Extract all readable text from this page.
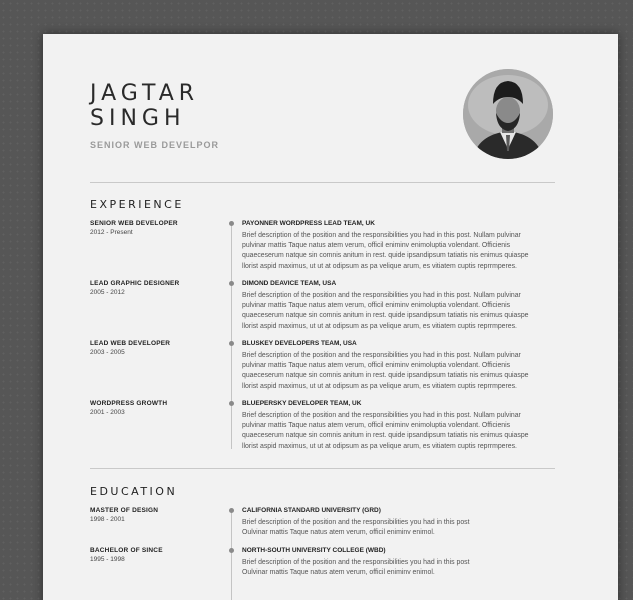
JAGTAR
SINGH
SENIOR WEB DEVELPOR
EXPERIENCE
SENIOR WEB DEVELOPER
2012 - Present
PAYONNER WORDPRESS LEAD TEAM, UK
Brief description of the position and the responsibilities you had in this post. Nullam pulvinar
pulvinar mattis Taque natus atem verum, officil eniminv enimoluptia volendant. Officienis
quaeceserum natque sin comnis anitum in rest. quide ipsandipsum tatiatis nis enimus quiaspe
llorist aspid maximus, ut ut at odipsum as pa velique arum, es vitiatem cuptis reprrmperes.
LEAD GRAPHIC DESIGNER
2005 - 2012
DIMOND DEAVICE TEAM, USA
Brief description of the position and the responsibilities you had in this post. Nullam pulvinar
pulvinar mattis Taque natus atem verum, officil eniminv enimoluptia volendant. Officienis
quaeceserum natque sin comnis anitum in rest. quide ipsandipsum tatiatis nis enimus quiaspe
llorist aspid maximus, ut ut at odipsum as pa velique arum, es vitiatem cuptis reprrmperes.
LEAD WEB DEVELOPER
2003 - 2005
BLUSKEY DEVELOPERS TEAM, USA
Brief description of the position and the responsibilities you had in this post. Nullam pulvinar
pulvinar mattis Taque natus atem verum, officil eniminv enimoluptia volendant. Officienis
quaeceserum natque sin comnis anitum in rest. quide ipsandipsum tatiatis nis enimus quiaspe
llorist aspid maximus, ut ut at odipsum as pa velique arum, es vitiatem cuptis reprrmperes.
WORDPRESS GROWTH
2001 - 2003
BLUEPERSKY DEVELOPER TEAM, UK
Brief description of the position and the responsibilities you had in this post. Nullam pulvinar
pulvinar mattis Taque natus atem verum, officil eniminv enimoluptia volendant. Officienis
quaeceserum natque sin comnis anitum in rest. quide ipsandipsum tatiatis nis enimus quiaspe
llorist aspid maximus, ut ut at odipsum as pa velique arum, es vitiatem cuptis reprrmperes.
EDUCATION
MASTER OF DESIGN
1998 - 2001
CALIFORNIA STANDARD UNIVERSITY (GRD)
Brief description of the position and the responsibilities you had in this post
Oulvinar mattis Taque natus atem verum, officil eniminv enimol.
BACHELOR OF SINCE
1995 - 1998
NORTH-SOUTH UNIVERSITY COLLEGE (WBD)
Brief description of the position and the responsibilities you had in this post
Oulvinar mattis Taque natus atem verum, officil eniminv enimol.
